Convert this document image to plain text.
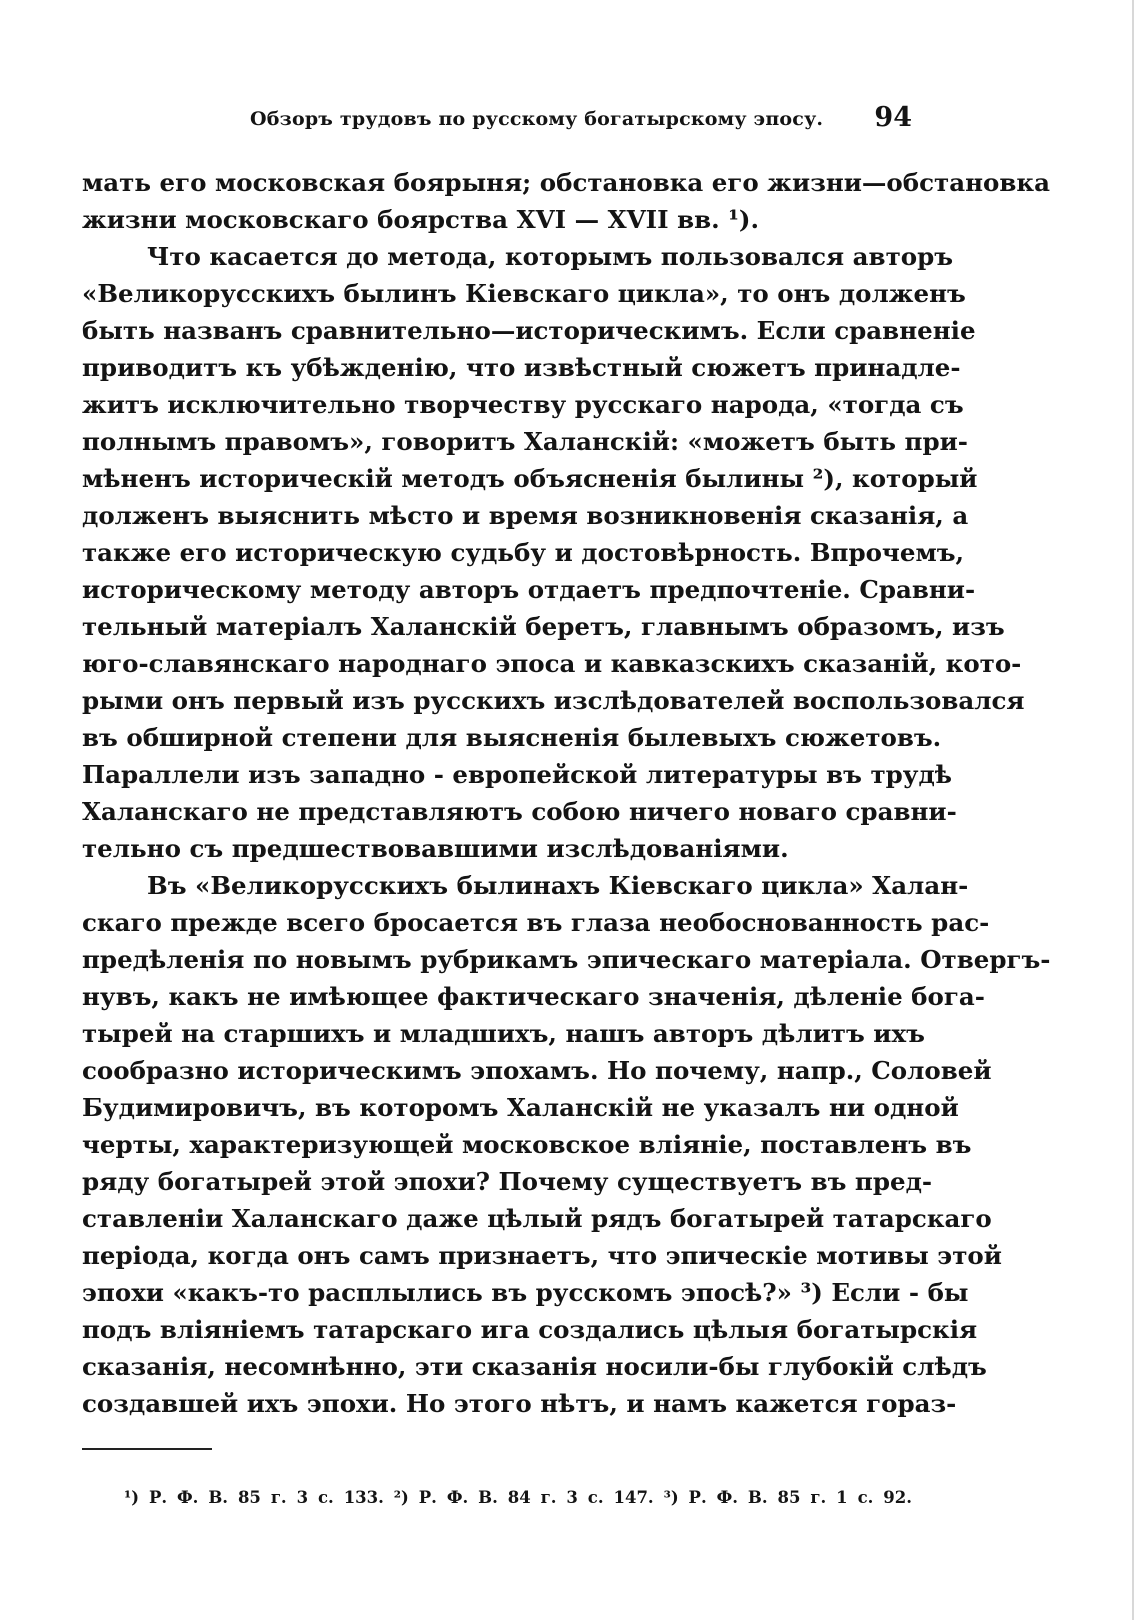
Обзоръ трудовъ по русскому богатырскому эпосу. 94
мать его московская боярыня; обстановка его жизни—обстановка
жизни московскаго боярства XVI — XVII вв. ¹).
Что касается до метода, которымъ пользовался авторъ
«Великорусскихъ былинъ Кіевскаго цикла», то онъ долженъ
быть названъ сравнительно—историческимъ. Если сравненіе
приводитъ къ убѣжденію, что извѣстный сюжетъ принадле-
житъ исключительно творчеству русскаго народа, «тогда съ
полнымъ правомъ», говоритъ Халанскій: «можетъ быть при-
мѣненъ историческій методъ объясненія былины ²), который
долженъ выяснить мѣсто и время возникновенія сказанія, а
также его историческую судьбу и достовѣрность. Впрочемъ,
историческому методу авторъ отдаетъ предпочтеніе. Сравни-
тельный матеріалъ Халанскій беретъ, главнымъ образомъ, изъ
юго-славянскаго народнаго эпоса и кавказскихъ сказаній, кото-
рыми онъ первый изъ русскихъ изслѣдователей воспользовался
въ обширной степени для выясненія былевыхъ сюжетовъ.
Параллели изъ западно - европейской литературы въ трудѣ
Халанскаго не представляютъ собою ничего новаго сравни-
тельно съ предшествовавшими изслѣдованіями.
Въ «Великорусскихъ былинахъ Кіевскаго цикла» Халан-
скаго прежде всего бросается въ глаза необоснованность рас-
предѣленія по новымъ рубрикамъ эпическаго матеріала. Отвергъ-
нувъ, какъ не имѣющее фактическаго значенія, дѣленіе бога-
тырей на старшихъ и младшихъ, нашъ авторъ дѣлитъ ихъ
сообразно историческимъ эпохамъ. Но почему, напр., Соловей
Будимировичъ, въ которомъ Халанскій не указалъ ни одной
черты, характеризующей московское вліяніе, поставленъ въ
ряду богатырей этой эпохи? Почему существуетъ въ пред-
ставленіи Халанскаго даже цѣлый рядъ богатырей татарскаго
періода, когда онъ самъ признаетъ, что эпическіе мотивы этой
эпохи «какъ-то расплылись въ русскомъ эпосѣ?» ³) Если - бы
подъ вліяніемъ татарскаго ига создались цѣлыя богатырскія
сказанія, несомнѣнно, эти сказанія носили-бы глубокій слѣдъ
создавшей ихъ эпохи. Но этого нѣтъ, и намъ кажется гораз-
¹) Р. Ф. В. 85 г. 3 с. 133. ²) Р. Ф. В. 84 г. 3 с. 147. ³) Р. Ф. В. 85 г. 1 с. 92.
